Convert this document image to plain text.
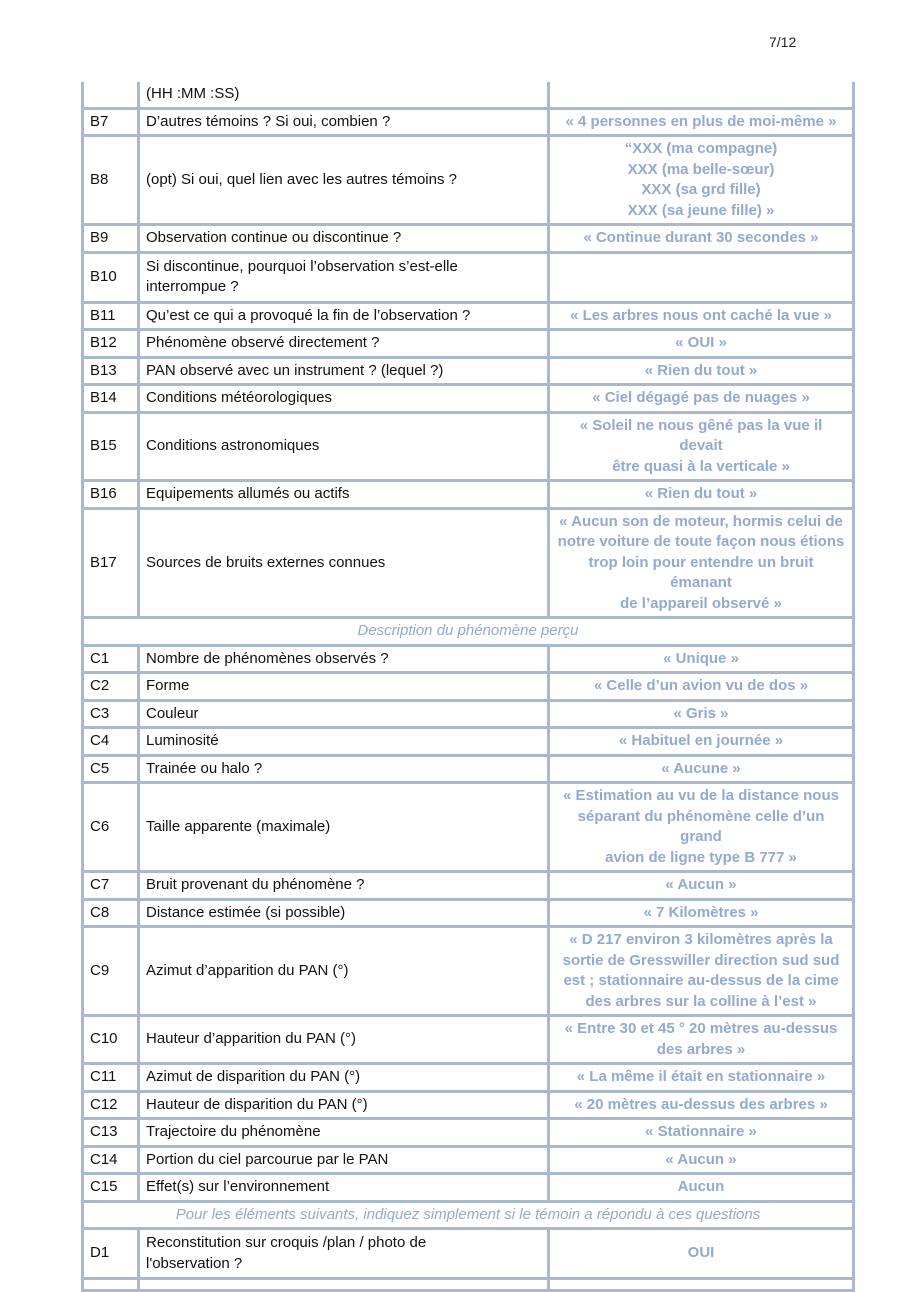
7/12

	(HH :MM :SS)	

B7	D’autres témoins ? Si oui, combien ?	« 4 personnes en plus de moi-même »

B8	(opt) Si oui, quel lien avec les autres témoins ?	“XXX (ma compagne)
XXX (ma belle-sœur)
XXX (sa grd fille)
XXX (sa jeune fille) »

B9	Observation continue ou discontinue ?	« Continue durant 30 secondes »

B10	Si discontinue, pourquoi l’observation s’est-elle
interrompue ?	

B11	Qu’est ce qui a provoqué la fin de l’observation ?	« Les arbres nous ont caché la vue »

B12	Phénomène observé directement ?	« OUI »

B13	PAN observé avec un instrument ? (lequel ?)	« Rien du tout »

B14	Conditions météorologiques	« Ciel dégagé pas de nuages »

B15	Conditions astronomiques	« Soleil ne nous gêné pas la vue il devait
être quasi à la verticale »

B16	Equipements allumés ou actifs	« Rien du tout »

B17	Sources de bruits externes connues	« Aucun son de moteur, hormis celui de
notre voiture de toute façon nous étions
trop loin pour entendre un bruit émanant
de l’appareil observé »

Description du phénomène perçu		
C1	Nombre de phénomènes observés ?	« Unique »

C2	Forme	« Celle d’un avion vu de dos »

C3	Couleur	« Gris »

C4	Luminosité	« Habituel en journée »

C5	Trainée ou halo ?	« Aucune »

C6	Taille apparente (maximale)	« Estimation au vu de la distance nous
séparant du phénomène celle d’un grand
avion de ligne type B 777 »

C7	Bruit provenant du phénomène ?	« Aucun »

C8	Distance estimée (si possible)	« 7 Kilomètres »

C9	Azimut d’apparition du PAN (°)	« D 217 environ 3 kilomètres après la
sortie de Gresswiller direction sud sud
est ; stationnaire au-dessus de la cime
des arbres sur la colline à l’est »

C10	Hauteur d’apparition du PAN (°)	« Entre 30 et 45 ° 20 mètres au-dessus
des arbres »

C11	Azimut de disparition du PAN (°)	« La même il était en stationnaire »

C12	Hauteur de disparition du PAN (°)	« 20 mètres au-dessus des arbres »

C13	Trajectoire du phénomène	« Stationnaire »

C14	Portion du ciel parcourue par le PAN	« Aucun »

C15	Effet(s) sur l’environnement	Aucun

Pour les éléments suivants, indiquez simplement si le témoin a répondu à ces questions		
D1	Reconstitution sur croquis /plan / photo de
l'observation ?	OUI
